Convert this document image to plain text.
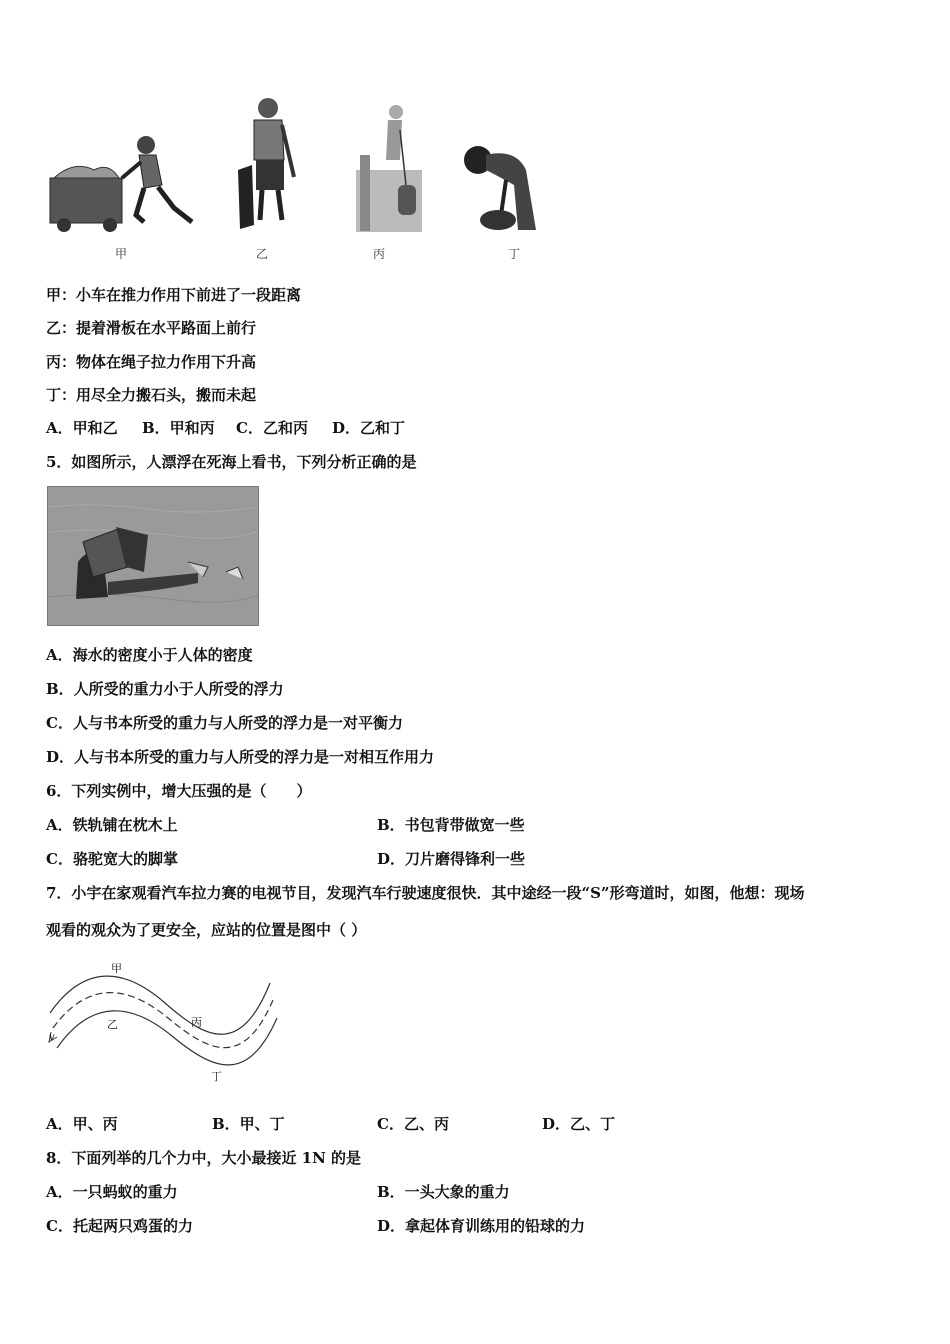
甲	乙	丙	丁
甲：小车在推力作用下前进了一段距离
乙：提着滑板在水平路面上前行
丙：物体在绳子拉力作用下升高
丁：用尽全力搬石头，搬而未起
A．甲和乙 B．甲和丙 C．乙和丙 D．乙和丁
5．如图所示，人漂浮在死海上看书，下列分析正确的是
A．海水的密度小于人体的密度
B．人所受的重力小于人所受的浮力
C．人与书本所受的重力与人所受的浮力是一对平衡力
D．人与书本所受的重力与人所受的浮力是一对相互作用力
6．下列实例中，增大压强的是（　　）
A．铁轨铺在枕木上	B．书包背带做宽一些
C．骆驼宽大的脚掌	D．刀片磨得锋利一些
7．小宇在家观看汽车拉力赛的电视节目，发现汽车行驶速度很快．其中途经一段“S”形弯道时，如图，他想：现场
观看的观众为了更安全，应站的位置是图中（ ）
甲
乙	丙
丁
v
A．甲、丙	B．甲、丁	C．乙、丙	D．乙、丁
8．下面列举的几个力中，大小最接近 1N 的是
A．一只蚂蚁的重力	B．一头大象的重力
C．托起两只鸡蛋的力	D．拿起体育训练用的铅球的力
